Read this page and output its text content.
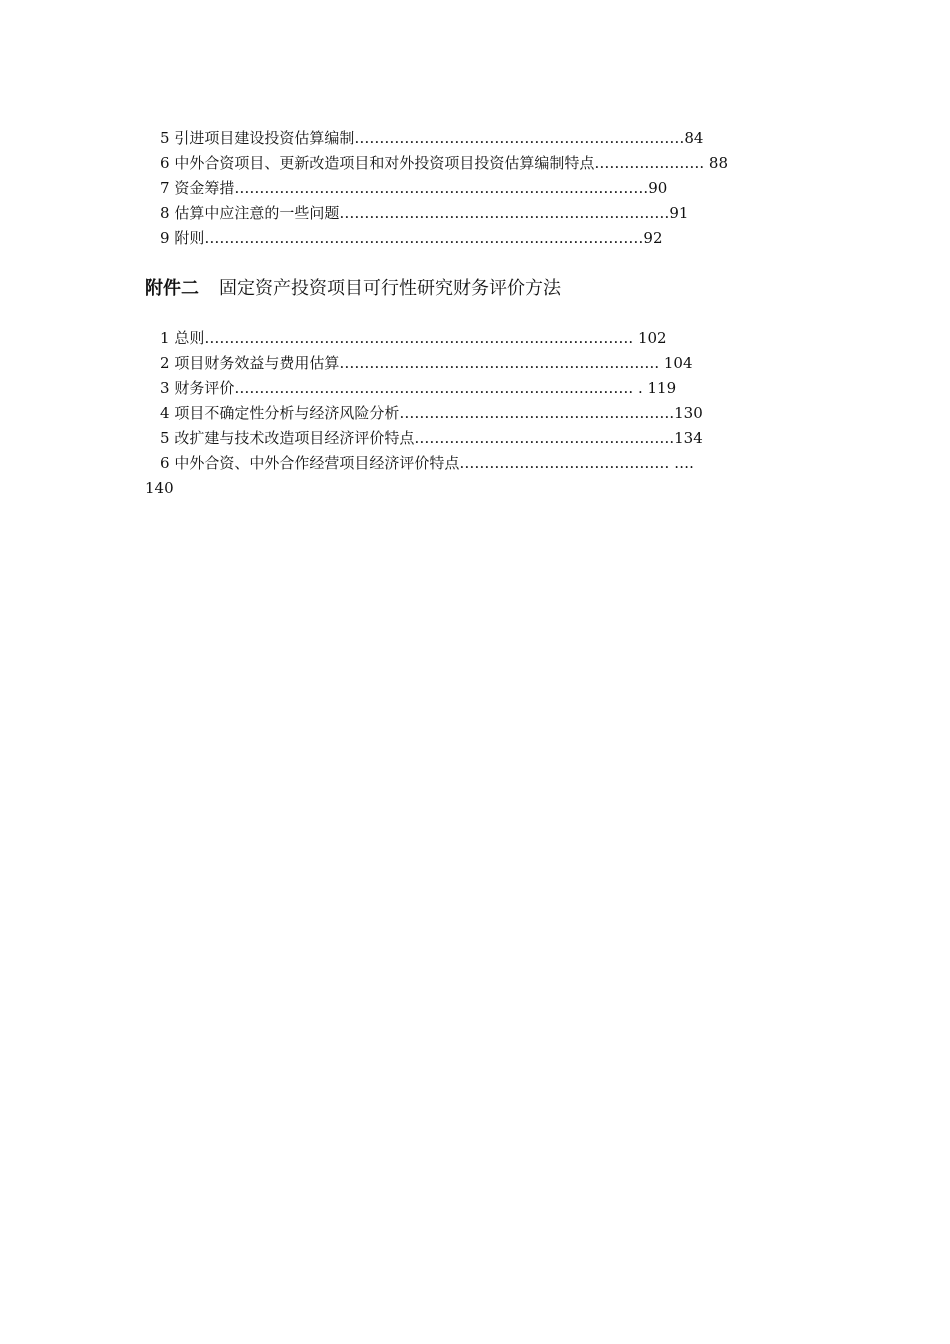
5 引进项目建设投资估算编制…………………………………………………………84
6 中外合资项目、更新改造项目和对外投资项目投资估算编制特点…………………. 88
7 资金筹措…………………………………………………………..…..……….90
8 估算中应注意的一些问题…………………………………………………………91
9 附则…………………………………………………………..…..……………92
附件二 固定资产投资项目可行性研究财务评价方法
1 总则…………………………………………………………..…..…………. 102
2 项目财务效益与费用估算………………………………………………………. 104
3 财务评价…………………………………………………………..…..……. . 119
4 项目不确定性分析与经济风险分析……………………………………………….130
5 改扩建与技术改造项目经济评价特点…………………………………………….134
6 中外合资、中外合作经营项目经济评价特点…………………………………… ….
140
